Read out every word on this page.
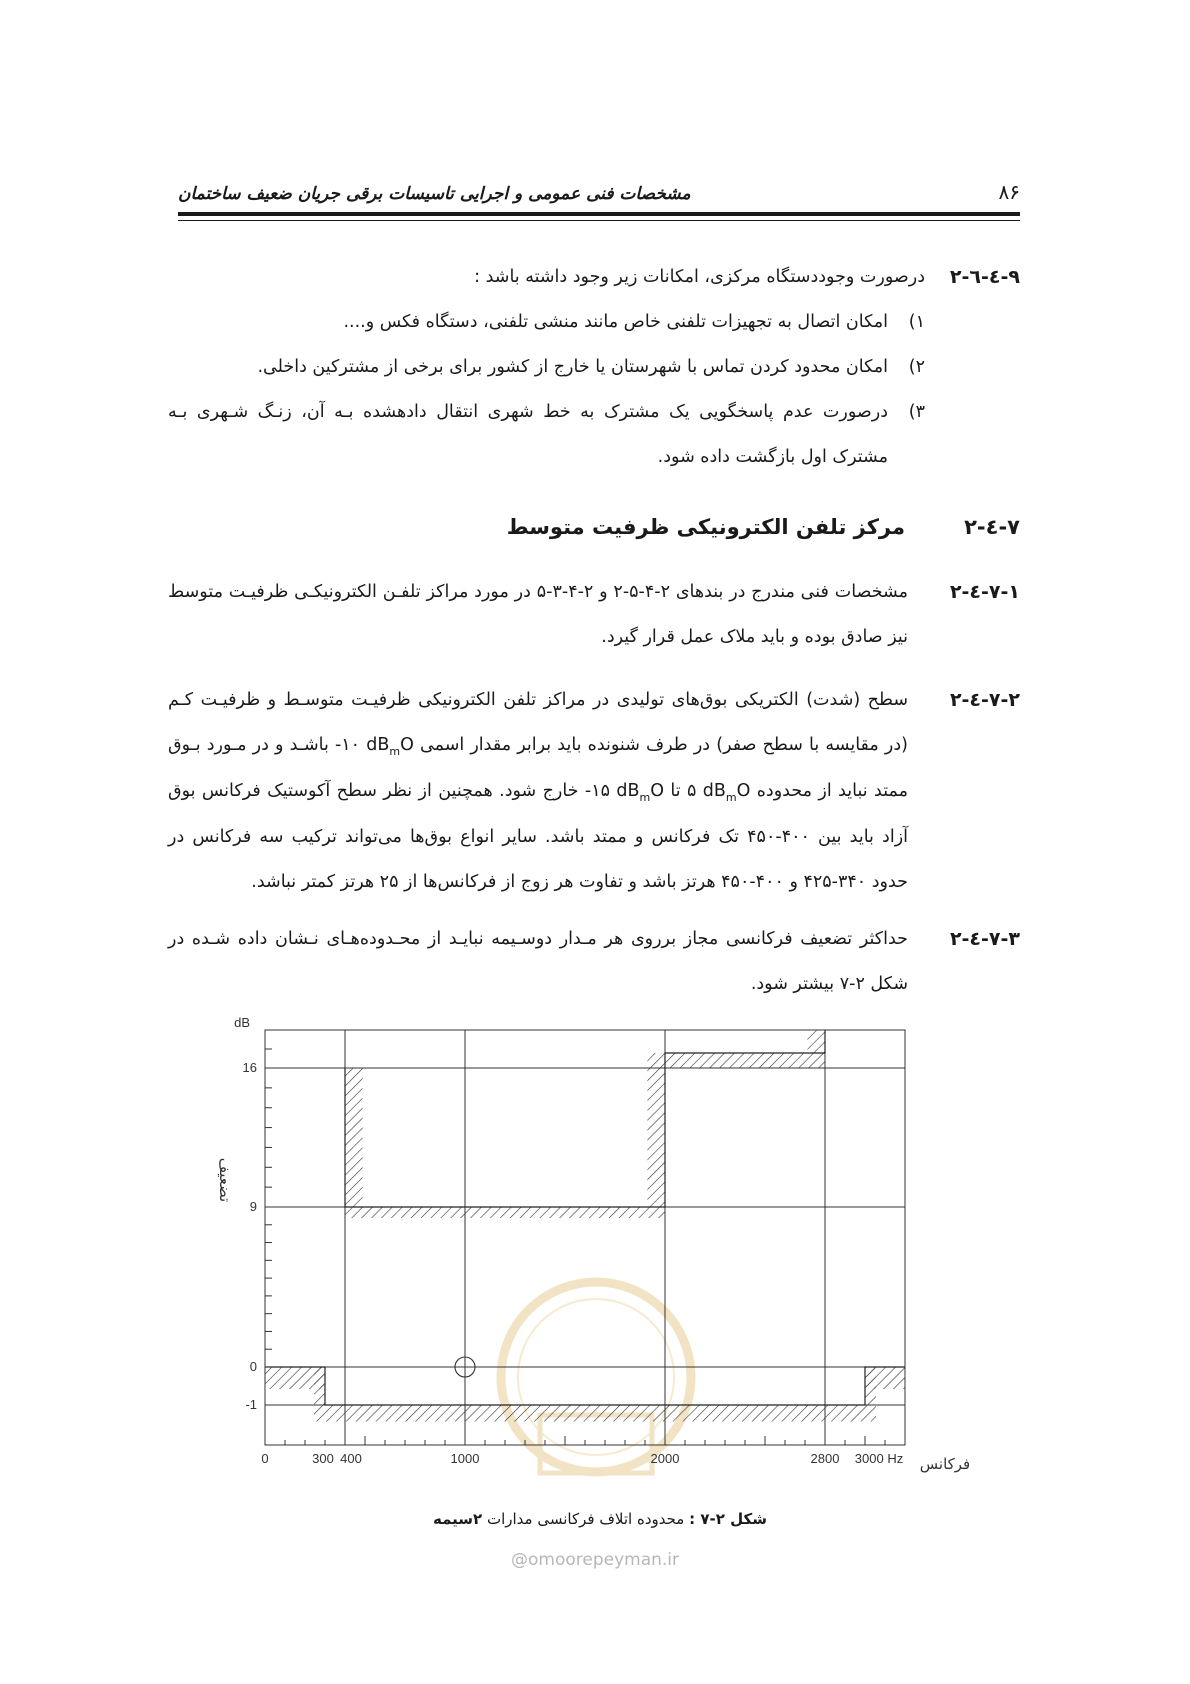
مشخصات فنی عمومی و اجرایی تاسیسات برقی جریان ضعیف ساختمان	۸۶
۲-٤-٦-۹
درصورت وجوددستگاه مرکزی، امکانات زیر وجود داشته باشد :
۱)
امکان اتصال به تجهیزات تلفنی خاص مانند منشی تلفنی، دستگاه فکس و....
۲)
امکان محدود کردن تماس با شهرستان یا خارج از کشور برای برخی از مشترکین داخلی.
۳)
درصورت عدم پاسخگویی یک مشترک به خط شهری انتقال دادهشده بـه آن، زنـگ شـهری بـه مشترک اول بازگشت داده شود.
۲-٤-۷
مرکز تلفن الکترونیکی ظرفیت متوسط
۲-٤-۷-۱
مشخصات فنی مندرج در بندهای ۲-۴-۵-۲ و ۲-۴-۳-۵ در مورد مراکز تلفـن الکترونیکـی ظرفیـت متوسط نیز صادق بوده و باید ملاک عمل قرار گیرد.
۲-٤-۷-۲
سطح (شدت) الکتریکی بوق‌های تولیدی در مراکز تلفن الکترونیکی ظرفیـت متوسـط و ظرفیـت کـم (در مقایسه با سطح صفر) در طرف شنونده باید برابر مقدار اسمی -۱۰ $dB_mO$ باشـد و در مـورد بـوق ممتد نباید از محدوده ۵ $dB_mO$ تا -۱۵ $dB_mO$ خارج شود. همچنین از نظر سطح آکوستیک فرکانس بوق آزاد باید بین ۴۰۰-۴۵۰ تک فرکانس و ممتد باشد. سایر انواع بوق‌ها می‌تواند ترکیب سه فرکانس در حدود ۳۴۰-۴۲۵ و ۴۰۰-۴۵۰ هرتز باشد و تفاوت هر زوج از فرکانس‌ها از ۲۵ هرتز کمتر نباشد.
۲-٤-۷-۳
حداکثر تضعیف فرکانسی مجاز برروی هر مـدار دوسـیمه نبایـد از محـدوده‌هـای نـشان داده شـده در شکل ۲-۷ بیشتر شود.
0	300 400	1000	2000	2800 3000 Hz
16
9
0
-1
dB
تضعیف
فرکانس
شکل ۲-۷ : محدوده اتلاف فرکانسی مدارات ۲سیمه
@omoorepeyman.ir
